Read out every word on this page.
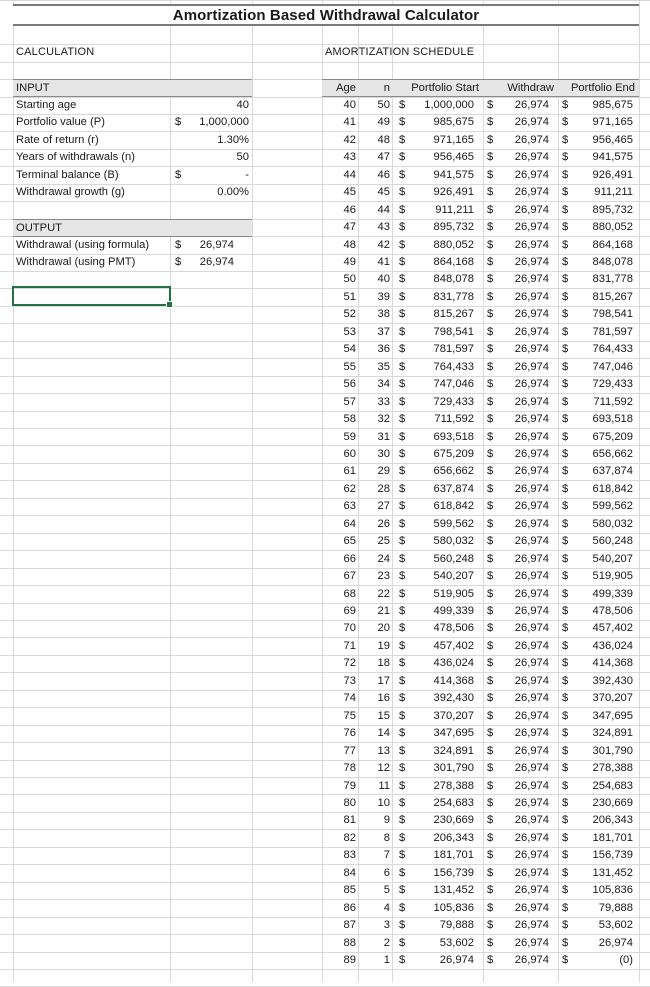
Amortization Based Withdrawal Calculator
CALCULATION	AMORTIZATION SCHEDULE
INPUT
Starting age	40
Portfolio value (P)	$ 1,000,000
Rate of return (r)	1.30%
Years of withdrawals (n)	50
Terminal balance (B)	$	-
Withdrawal growth (g)	0.00%
OUTPUT
Withdrawal (using formula) $ 26,974
Withdrawal (using PMT)	$ 26,974
Age n Portfolio Start	Withdraw Portfolio End
40 50 $ 1,000,000 $ 26,974 $ 985,675
41 49 $	985,675 $ 26,974 $ 971,165
42 48 $	971,165 $ 26,974 $ 956,465
43 47 $	956,465 $ 26,974 $ 941,575
44 46 $	941,575 $ 26,974 $ 926,491
45 45 $	926,491 $ 26,974 $ 911,211
46 44 $	911,211 $ 26,974 $ 895,732
47 43 $	895,732 $ 26,974 $ 880,052
48 42 $	880,052 $ 26,974 $ 864,168
49 41 $	864,168 $ 26,974 $ 848,078
50 40 $	848,078 $ 26,974 $ 831,778
51 39 $	831,778 $ 26,974 $ 815,267
52 38 $	815,267 $ 26,974 $ 798,541
53 37 $	798,541 $ 26,974 $ 781,597
54 36 $	781,597 $ 26,974 $ 764,433
55 35 $	764,433 $ 26,974 $ 747,046
56 34 $	747,046 $ 26,974 $ 729,433
57 33 $	729,433 $ 26,974 $ 711,592
58 32 $	711,592 $ 26,974 $ 693,518
59 31 $	693,518 $ 26,974 $ 675,209
60 30 $	675,209 $ 26,974 $ 656,662
61 29 $	656,662 $ 26,974 $ 637,874
62 28 $	637,874 $ 26,974 $ 618,842
63 27 $	618,842 $ 26,974 $ 599,562
64 26 $	599,562 $ 26,974 $ 580,032
65 25 $	580,032 $ 26,974 $ 560,248
66 24 $	560,248 $ 26,974 $ 540,207
67 23 $	540,207 $ 26,974 $ 519,905
68 22 $	519,905 $ 26,974 $ 499,339
69 21 $	499,339 $ 26,974 $ 478,506
70 20 $	478,506 $ 26,974 $ 457,402
71 19 $	457,402 $ 26,974 $ 436,024
72 18 $	436,024 $ 26,974 $ 414,368
73 17 $	414,368 $ 26,974 $ 392,430
74 16 $	392,430 $ 26,974 $ 370,207
75 15 $	370,207 $ 26,974 $ 347,695
76 14 $	347,695 $ 26,974 $ 324,891
77 13 $	324,891 $ 26,974 $ 301,790
78 12 $	301,790 $ 26,974 $ 278,388
79 11 $	278,388 $ 26,974 $ 254,683
80 10 $	254,683 $ 26,974 $ 230,669
81 9 $	230,669 $ 26,974 $ 206,343
82 8 $	206,343 $ 26,974 $ 181,701
83 7 $	181,701 $ 26,974 $ 156,739
84 6 $	156,739 $ 26,974 $ 131,452
85 5 $	131,452 $ 26,974 $ 105,836
86 4 $	105,836 $ 26,974 $	79,888
87 3 $	79,888 $ 26,974 $	53,602
88 2 $	53,602 $ 26,974 $	26,974
89 1 $	26,974 $ 26,974 $	(0)
